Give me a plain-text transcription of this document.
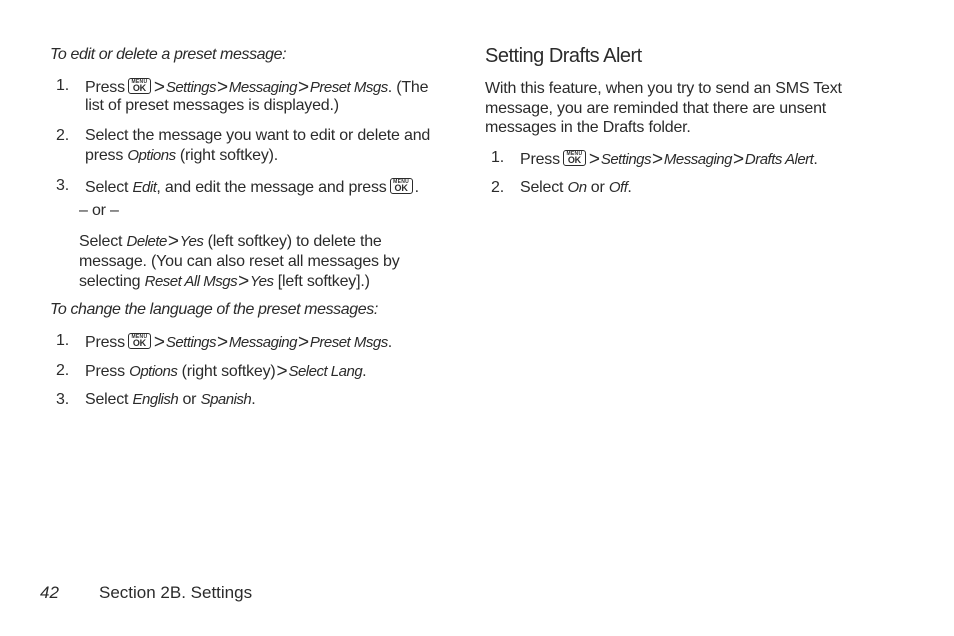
To edit or delete a preset message:
1.	Press	MENU
OK >Settings>Messaging>Preset Msgs. (The
list of preset messages is displayed.)
2.	Select the message you want to edit or delete and
press Options (right softkey).
3.	Select Edit, and edit the message and press	MENU
OK .
– or –
Select Delete>Yes (left softkey) to delete the
message. (You can also reset all messages by
selecting Reset All Msgs>Yes [left softkey].)
To change the language of the preset messages:
1.	Press	MENU
OK >Settings>Messaging>Preset Msgs.
2.	Press Options (right softkey)>Select Lang.
3.	Select English or Spanish.
Setting Drafts Alert
With this feature, when you try to send an SMS Text
message, you are reminded that there are unsent
messages in the Drafts folder.
1.	Press	MENU
OK >Settings>Messaging>Drafts Alert.
2.	Select On or Off.
42 Section 2B. Settings
